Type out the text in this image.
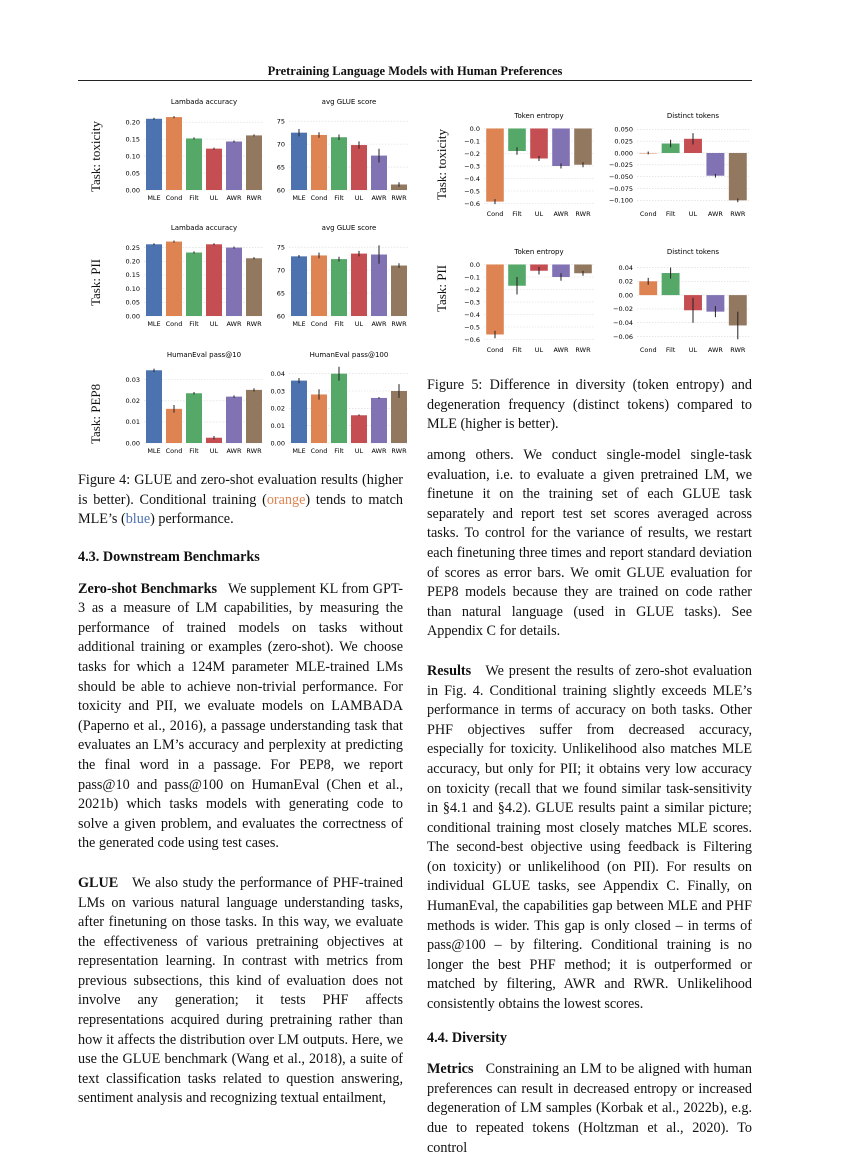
Pretraining Language Models with Human Preferences
Task: toxicity
Task: PII
Task: PEP8
Lambada accuracy
0.00
0.05
0.10
0.15
0.20
MLE Cond Filt UL AWR RWR
avg GLUE score
60
65
70
75
MLE Cond Filt UL AWR RWR
Lambada accuracy
0.00
0.05
0.10
0.15
0.20
0.25
MLE Cond Filt UL AWR RWR
avg GLUE score
60
65
70
75
MLE Cond Filt UL AWR RWR
HumanEval pass@10
0.00
0.01
0.02
0.03
MLE Cond Filt UL AWR RWR
HumanEval pass@100
0.00
0.01
0.02
0.03
0.04
MLE Cond Filt UL AWR RWR
Figure 4: GLUE and zero-shot evaluation results (higher is better). Conditional training (orange) tends to match MLE’s (blue) performance.
Task: toxicity
Task: PII
Token entropy
0.0
−0.1
−0.2
−0.3
−0.4
−0.5
−0.6
Cond Filt UL AWR RWR
Distinct tokens
0.050
0.025
0.000
−0.025
−0.050
−0.075
−0.100
Cond Filt UL AWR RWR
Token entropy
0.0
−0.1
−0.2
−0.3
−0.4
−0.5
−0.6
Cond Filt UL AWR RWR
Distinct tokens
0.04
0.02
0.00
−0.02
−0.04
−0.06
Cond Filt UL AWR RWR
Figure 5: Difference in diversity (token entropy) and degeneration frequency (distinct tokens) compared to MLE (higher is better).
4.3. Downstream Benchmarks

Zero-shot Benchmarks We supplement KL from GPT-3 as a measure of LM capabilities, by measuring the performance of trained models on tasks without additional training or examples (zero-shot). We choose tasks for which a 124M parameter MLE-trained LMs should be able to achieve non-trivial performance. For toxicity and PII, we evaluate models on LAMBADA (Paperno et al., 2016), a passage understanding task that evaluates an LM’s accuracy and perplexity at predicting the final word in a passage. For PEP8, we report pass@10 and pass@100 on HumanEval (Chen et al., 2021b) which tasks models with generating code to solve a given problem, and evaluates the correctness of the generated code using test cases.

GLUE We also study the performance of PHF-trained LMs on various natural language understanding tasks, after finetuning on those tasks. In this way, we evaluate the effectiveness of various pretraining objectives at representation learning. In contrast with metrics from previous subsections, this kind of evaluation does not involve any generation; it tests PHF affects representations acquired during pretraining rather than how it affects the distribution over LM outputs. Here, we use the GLUE benchmark (Wang et al., 2018), a suite of text classification tasks related to question answering, sentiment analysis and recognizing textual entailment,

among others. We conduct single-model single-task evaluation, i.e. to evaluate a given pretrained LM, we finetune it on the training set of each GLUE task separately and report test set scores averaged across tasks. To control for the variance of results, we restart each finetuning three times and report standard deviation of scores as error bars. We omit GLUE evaluation for PEP8 models because they are trained on code rather than natural language (used in GLUE tasks). See Appendix C for details.

Results We present the results of zero-shot evaluation in Fig. 4. Conditional training slightly exceeds MLE’s performance in terms of accuracy on both tasks. Other PHF objectives suffer from decreased accuracy, especially for toxicity. Unlikelihood also matches MLE accuracy, but only for PII; it obtains very low accuracy on toxicity (recall that we found similar task-sensitivity in §4.1 and §4.2). GLUE results paint a similar picture; conditional training most closely matches MLE scores. The second-best objective using feedback is Filtering (on toxicity) or unlikelihood (on PII). For results on individual GLUE tasks, see Appendix C. Finally, on HumanEval, the capabilities gap between MLE and PHF methods is wider. This gap is only closed – in terms of pass@100 – by filtering. Conditional training is no longer the best PHF method; it is outperformed or matched by filtering, AWR and RWR. Unlikelihood consistently obtains the lowest scores.

4.4. Diversity

Metrics Constraining an LM to be aligned with human preferences can result in decreased entropy or increased degeneration of LM samples (Korbak et al., 2022b), e.g. due to repeated tokens (Holtzman et al., 2020). To control
